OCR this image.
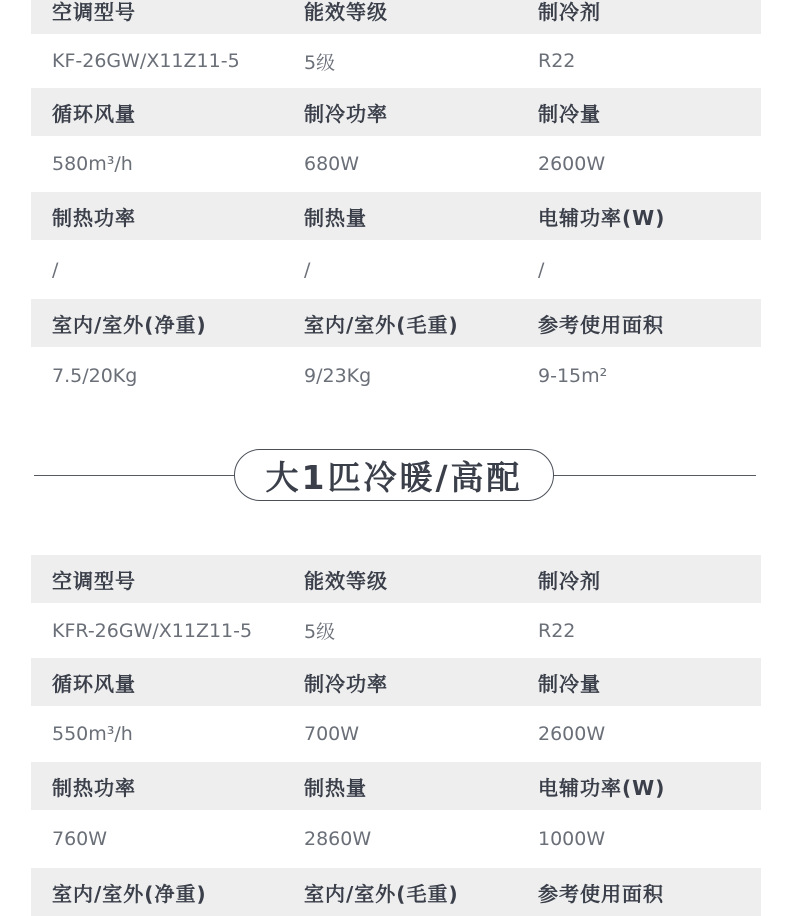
空调型号	能效等级	制冷剂
KF-26GW/X11Z11-5	5级	R22
循环风量	制冷功率	制冷量
580m³/h	680W	2600W
制热功率	制热量	电辅功率(W)
/	/	/
室内/室外(净重)	室内/室外(毛重)	参考使用面积
7.5/20Kg	9/23Kg	9-15m²
大1匹冷暖/高配
空调型号	能效等级	制冷剂
KFR-26GW/X11Z11-5	5级	R22
循环风量	制冷功率	制冷量
550m³/h	700W	2600W
制热功率	制热量	电辅功率(W)
760W	2860W	1000W
室内/室外(净重)	室内/室外(毛重)	参考使用面积
